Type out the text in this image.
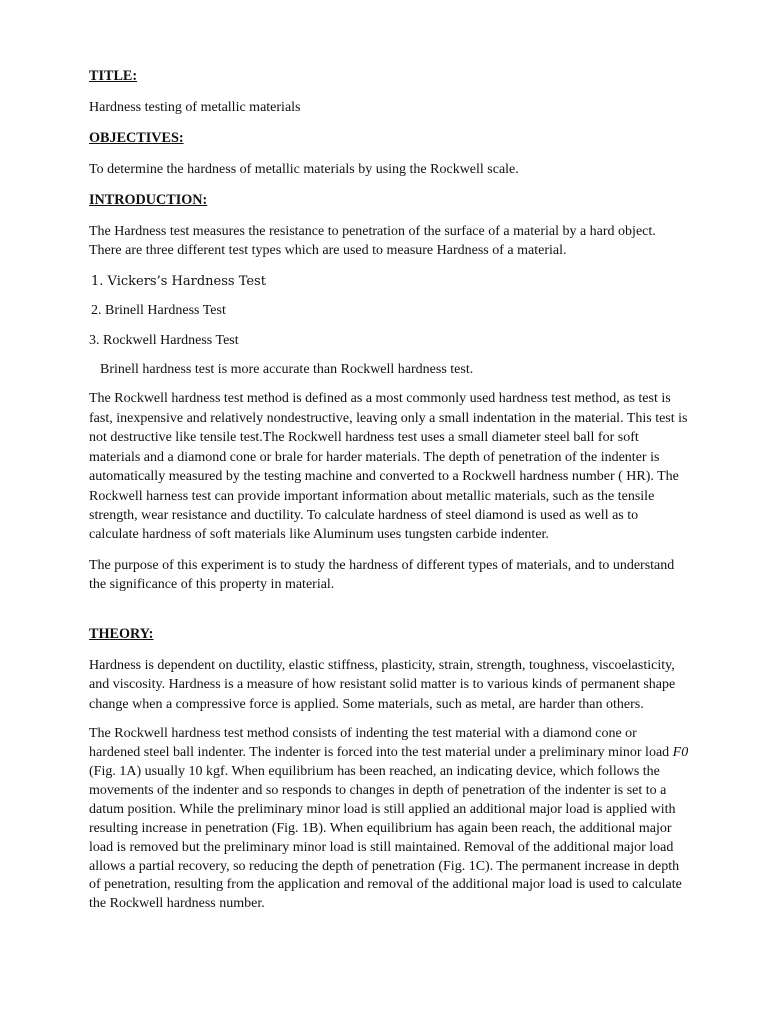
TITLE:

Hardness testing of metallic materials

OBJECTIVES:

To determine the hardness of metallic materials by using the Rockwell scale.

INTRODUCTION:

The Hardness test measures the resistance to penetration of the surface of a material by a hard object. There are three different test types which are used to measure Hardness of a material.

1. Vickers’s Hardness Test
2. Brinell Hardness Test
3. Rockwell Hardness Test

Brinell hardness test is more accurate than Rockwell hardness test.

The Rockwell hardness test method is defined as a most commonly used hardness test method, as test is fast, inexpensive and relatively nondestructive, leaving only a small indentation in the material. This test is not destructive like tensile test.The Rockwell hardness test uses a small diameter steel ball for soft materials and a diamond cone or brale for harder materials. The depth of penetration of the indenter is automatically measured by the testing machine and converted to a Rockwell hardness number ( HR). The Rockwell harness test can provide important information about metallic materials, such as the tensile strength, wear resistance and ductility. To calculate hardness of steel diamond is used as well as to calculate hardness of soft materials like Aluminum uses tungsten carbide indenter.

The purpose of this experiment is to study the hardness of different types of materials, and to understand the significance of this property in material.

THEORY:

Hardness is dependent on ductility, elastic stiffness, plasticity, strain, strength, toughness, viscoelasticity, and viscosity. Hardness is a measure of how resistant solid matter is to various kinds of permanent shape change when a compressive force is applied. Some materials, such as metal, are harder than others.

The Rockwell hardness test method consists of indenting the test material with a diamond cone or hardened steel ball indenter. The indenter is forced into the test material under a preliminary minor load F0 (Fig. 1A) usually 10 kgf. When equilibrium has been reached, an indicating device, which follows the movements of the indenter and so responds to changes in depth of penetration of the indenter is set to a datum position. While the preliminary minor load is still applied an additional major load is applied with resulting increase in penetration (Fig. 1B). When equilibrium has again been reach, the additional major load is removed but the preliminary minor load is still maintained. Removal of the additional major load allows a partial recovery, so reducing the depth of penetration (Fig. 1C). The permanent increase in depth of penetration, resulting from the application and removal of the additional major load is used to calculate the Rockwell hardness number.
